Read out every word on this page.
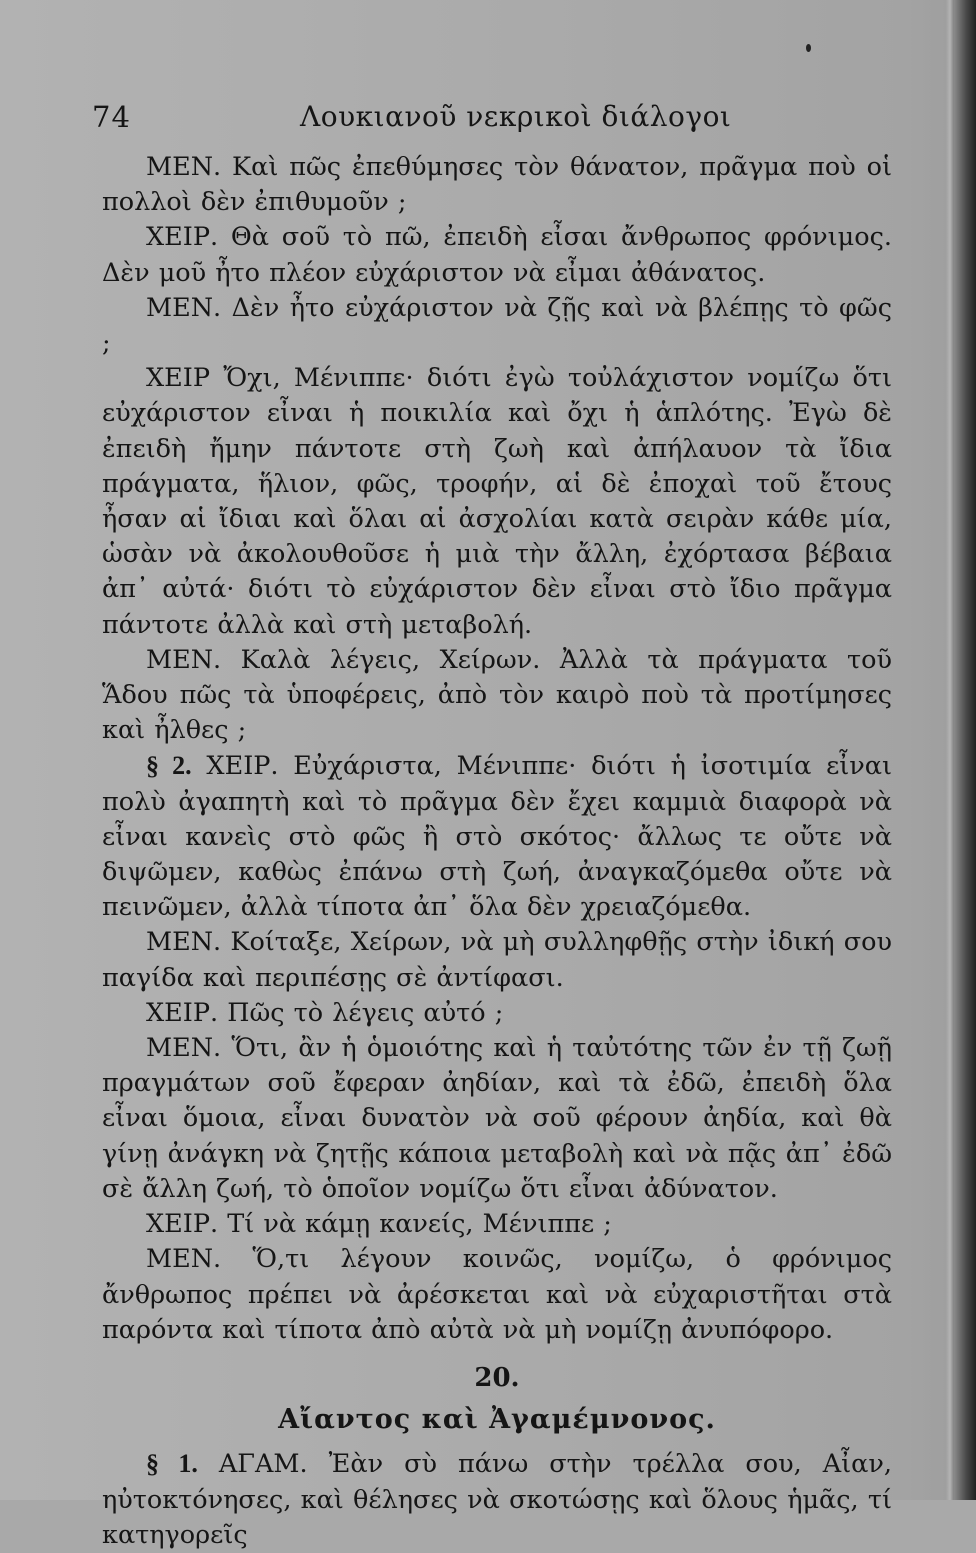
74	Λουκιανοῦ νεκρικοὶ διάλογοι

ΜΕΝ. Καὶ πῶς ἐπεθύμησες τὸν θάνατον, πρᾶγμα ποὺ οἱ πολλοὶ δὲν ἐπιθυμοῦν ;

ΧΕΙΡ. Θὰ σοῦ τὸ πῶ, ἐπειδὴ εἶσαι ἄνθρωπος φρόνιμος. Δὲν μοῦ ἦτο πλέον εὐχάριστον νὰ εἶμαι ἀθάνατος.

ΜΕΝ. Δὲν ἦτο εὐχάριστον νὰ ζῇς καὶ νὰ βλέπῃς τὸ φῶς ;

ΧΕΙΡ Ὄχι, Μένιππε· διότι ἐγὼ τοὐλάχιστον νομίζω ὅτι εὐχάριστον εἶναι ἡ ποικιλία καὶ ὄχι ἡ ἁπλότης. Ἐγὼ δὲ ἐπειδὴ ἤμην πάντοτε στὴ ζωὴ καὶ ἀπήλαυον τὰ ἴδια πράγματα, ἥλιον, φῶς, τροφήν, αἱ δὲ ἐποχαὶ τοῦ ἔτους ἦσαν αἱ ἴδιαι καὶ ὅλαι αἱ ἀσχολίαι κατὰ σειρὰν κάθε μία, ὡσὰν νὰ ἀκολουθοῦσε ἡ μιὰ τὴν ἄλλη, ἐχόρτασα βέβαια ἀπ᾽ αὐτά· διότι τὸ εὐχάριστον δὲν εἶναι στὸ ἴδιο πρᾶγμα πάντοτε ἀλλὰ καὶ στὴ μεταβολή.

ΜΕΝ. Καλὰ λέγεις, Χείρων. Ἀλλὰ τὰ πράγματα τοῦ Ἅδου πῶς τὰ ὑποφέρεις, ἀπὸ τὸν καιρὸ ποὺ τὰ προτίμησες καὶ ἦλθες ;

§ 2. ΧΕΙΡ. Εὐχάριστα, Μένιππε· διότι ἡ ἰσοτιμία εἶναι πολὺ ἀγαπητὴ καὶ τὸ πρᾶγμα δὲν ἔχει καμμιὰ διαφορὰ νὰ εἶναι κανεὶς στὸ φῶς ἢ στὸ σκότος· ἄλλως τε οὔτε νὰ διψῶμεν, καθὼς ἐπάνω στὴ ζωή, ἀναγκαζόμεθα οὔτε νὰ πεινῶμεν, ἀλλὰ τίποτα ἀπ᾽ ὅλα δὲν χρειαζόμεθα.

ΜΕΝ. Κοίταξε, Χείρων, νὰ μὴ συλληφθῇς στὴν ἰδική σου παγίδα καὶ περιπέσῃς σὲ ἀντίφασι.

ΧΕΙΡ. Πῶς τὸ λέγεις αὐτό ;

ΜΕΝ. Ὅτι, ἂν ἡ ὁμοιότης καὶ ἡ ταὐτότης τῶν ἐν τῇ ζωῇ πραγμάτων σοῦ ἔφεραν ἀηδίαν, καὶ τὰ ἐδῶ, ἐπειδὴ ὅλα εἶναι ὅμοια, εἶναι δυνατὸν νὰ σοῦ φέρουν ἀηδία, καὶ θὰ γίνῃ ἀνάγκη νὰ ζητῇς κάποια μεταβολὴ καὶ νὰ πᾷς ἀπ᾽ ἐδῶ σὲ ἄλλη ζωή, τὸ ὁποῖον νομίζω ὅτι εἶναι ἀδύνατον.

ΧΕΙΡ. Τί νὰ κάμῃ κανείς, Μένιππε ;

ΜΕΝ. Ὅ,τι λέγουν κοινῶς, νομίζω, ὁ φρόνιμος ἄνθρωπος πρέπει νὰ ἀρέσκεται καὶ νὰ εὐχαριστῆται στὰ παρόντα καὶ τίποτα ἀπὸ αὐτὰ νὰ μὴ νομίζῃ ἀνυπόφορο.

20.
Αἴαντος καὶ Ἀγαμέμνονος.

§ 1. ΑΓΑΜ. Ἐὰν σὺ πάνω στὴν τρέλλα σου, Αἶαν, ηὐτοκτόνησες, καὶ θέλησες νὰ σκοτώσῃς καὶ ὅλους ἡμᾶς, τί κατηγορεῖς
